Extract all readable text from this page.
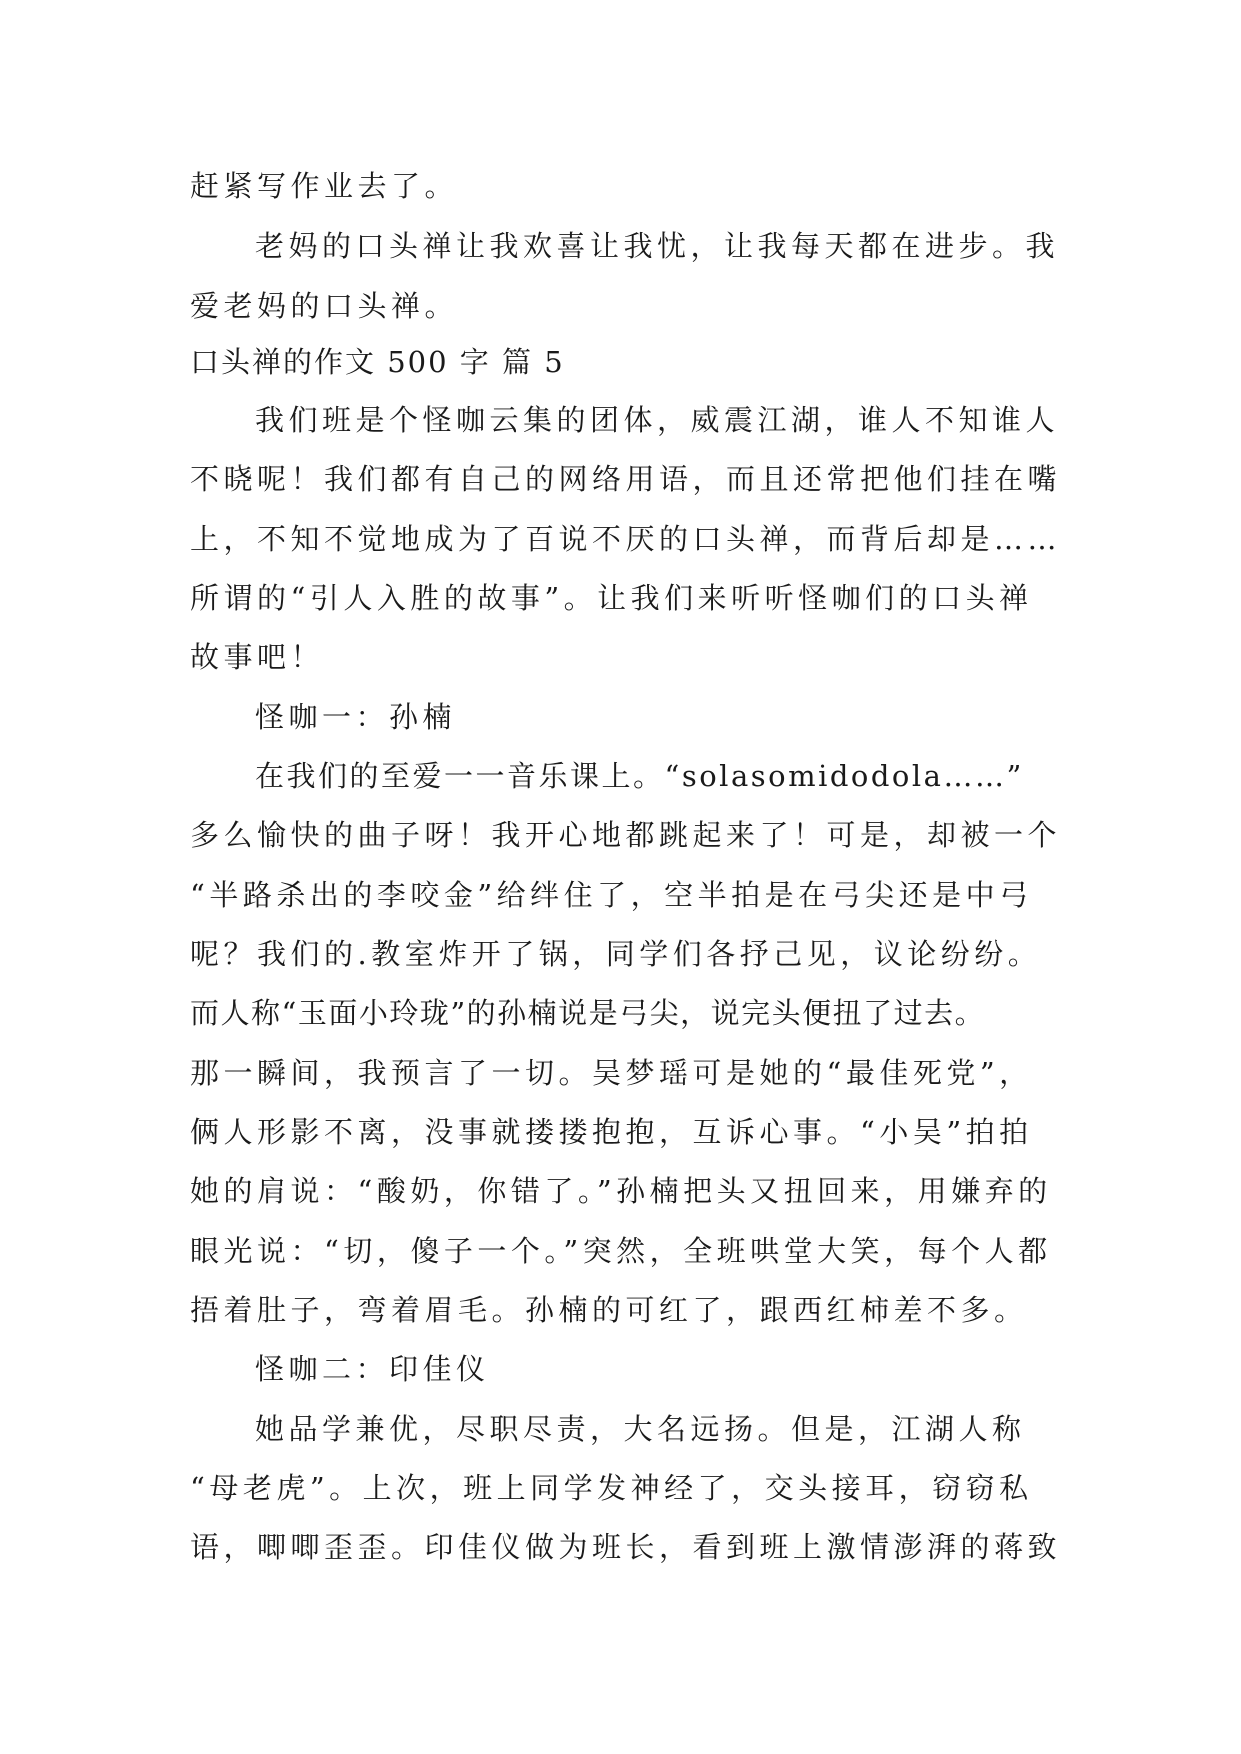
赶紧写作业去了。
老妈的口头禅让我欢喜让我忧，让我每天都在进步。我
爱老妈的口头禅。
口头禅的作文 500 字 篇 5
我们班是个怪咖云集的团体，威震江湖，谁人不知谁人
不晓呢！我们都有自己的网络用语，而且还常把他们挂在嘴
上，不知不觉地成为了百说不厌的口头禅，而背后却是……
所谓的“引人入胜的故事”。让我们来听听怪咖们的口头禅
故事吧！
怪咖一：孙楠
在我们的至爱一一音乐课上。“solasomidodola……”
多么愉快的曲子呀！我开心地都跳起来了！可是，却被一个
“半路杀出的李咬金”给绊住了，空半拍是在弓尖还是中弓
呢？我们的.教室炸开了锅，同学们各抒己见，议论纷纷。
而人称“玉面小玲珑”的孙楠说是弓尖，说完头便扭了过去。
那一瞬间，我预言了一切。吴梦瑶可是她的“最佳死党”，
俩人形影不离，没事就搂搂抱抱，互诉心事。“小吴”拍拍
她的肩说：“酸奶，你错了。”孙楠把头又扭回来，用嫌弃的
眼光说：“切，傻子一个。”突然，全班哄堂大笑，每个人都
捂着肚子，弯着眉毛。孙楠的可红了，跟西红柿差不多。
怪咖二：印佳仪
她品学兼优，尽职尽责，大名远扬。但是，江湖人称
“母老虎”。上次，班上同学发神经了，交头接耳，窃窃私
语，唧唧歪歪。印佳仪做为班长，看到班上激情澎湃的蒋致
